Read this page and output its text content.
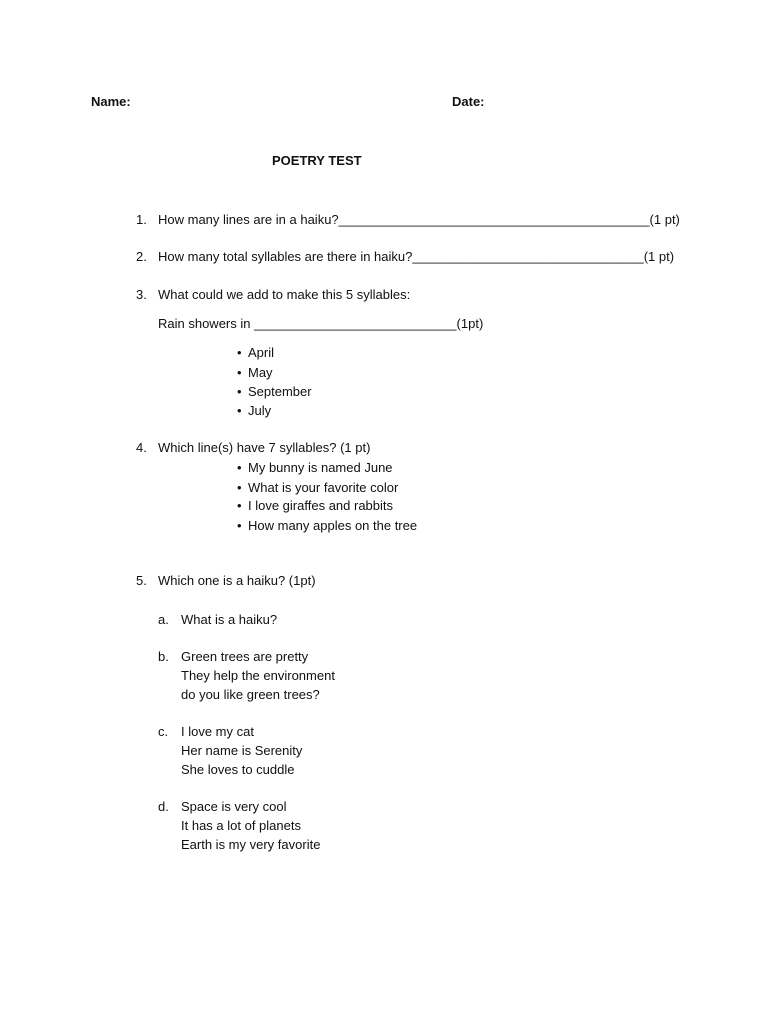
Name:	Date:
POETRY TEST
1. How many lines are in a haiku?___________________________________________(1 pt)
2. How many total syllables are there in haiku?________________________________(1 pt)
3. What could we add to make this 5 syllables:
Rain showers in ____________________________(1pt)
• April
• May
• September
• July
4. Which line(s) have 7 syllables? (1 pt)
• My bunny is named June
• What is your favorite color
• I love giraffes and rabbits
• How many apples on the tree
5. Which one is a haiku? (1pt)
a. What is a haiku?
b. Green trees are pretty
They help the environment
do you like green trees?
c. I love my cat
Her name is Serenity
She loves to cuddle
d. Space is very cool
It has a lot of planets
Earth is my very favorite
